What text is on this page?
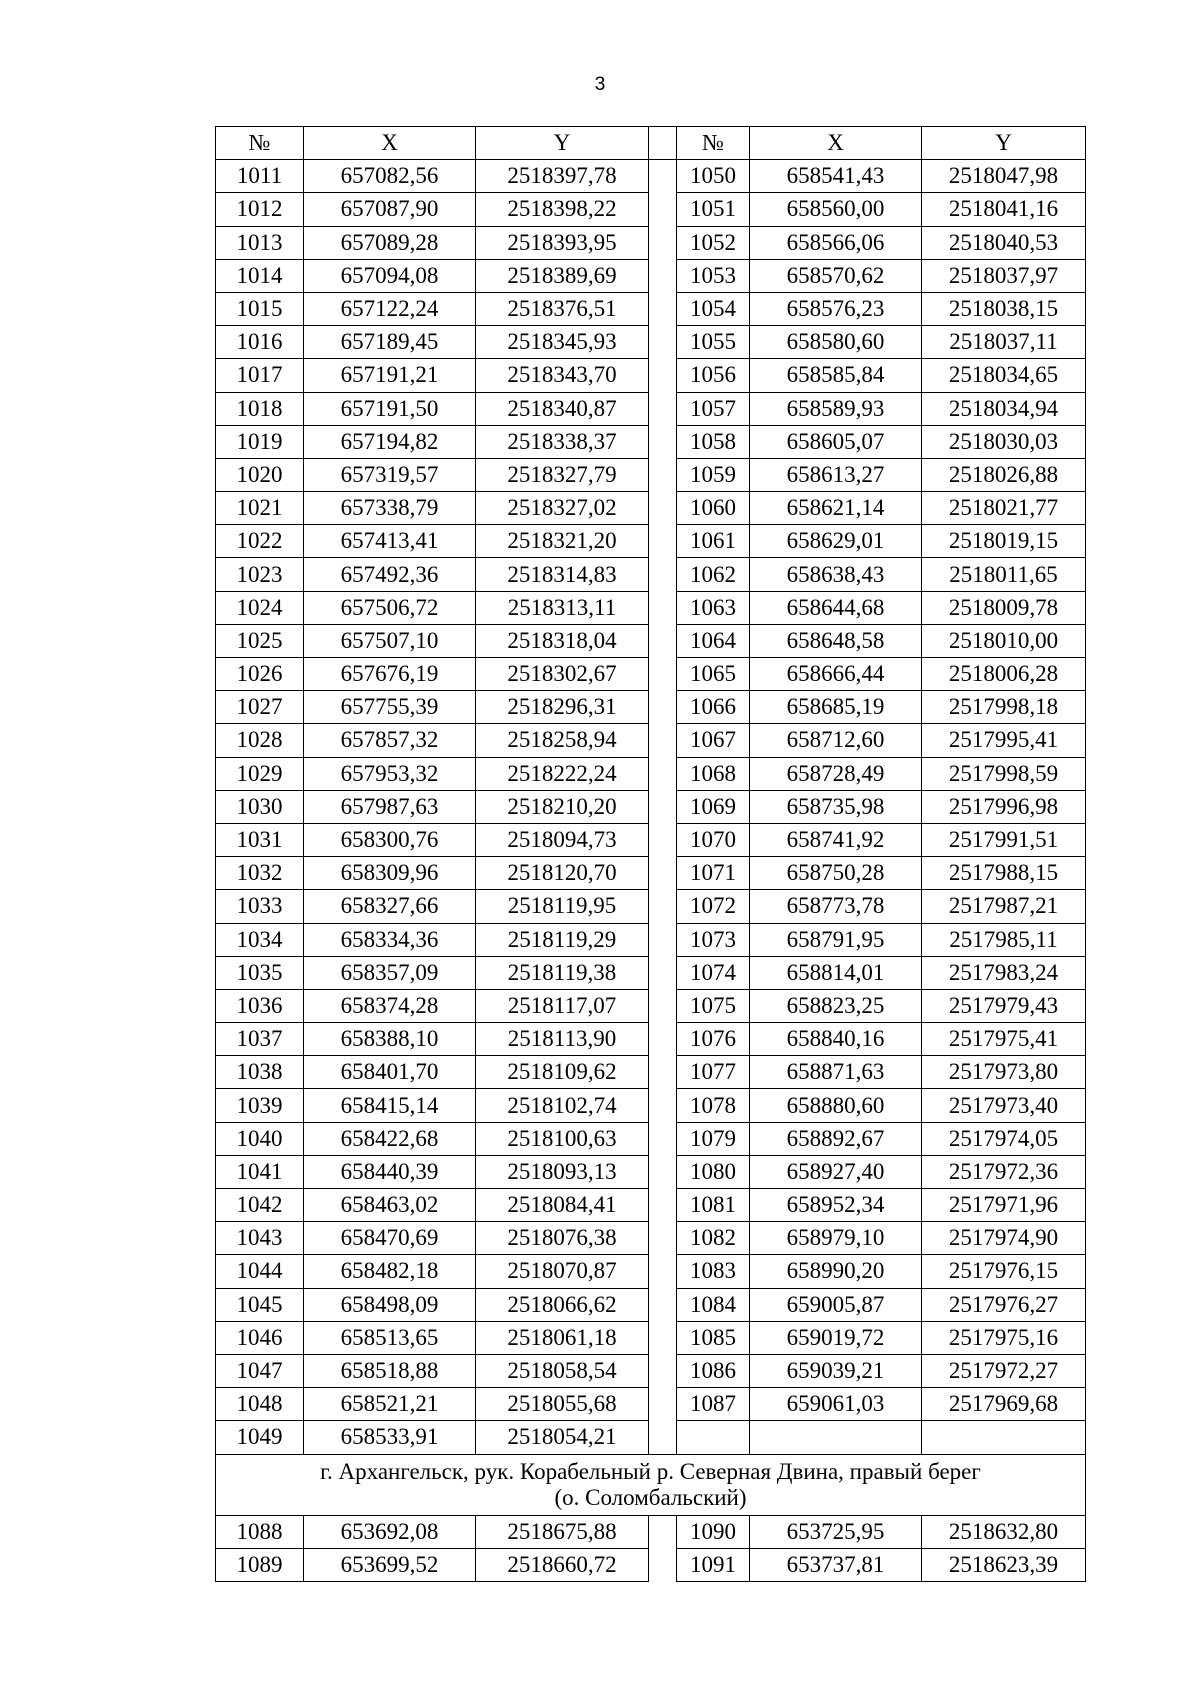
3
№	X	Y		№	X	Y
1011	657082,56	2518397,78		1050	658541,43	2518047,98
1012	657087,90	2518398,22		1051	658560,00	2518041,16
1013	657089,28	2518393,95		1052	658566,06	2518040,53
1014	657094,08	2518389,69		1053	658570,62	2518037,97
1015	657122,24	2518376,51		1054	658576,23	2518038,15
1016	657189,45	2518345,93		1055	658580,60	2518037,11
1017	657191,21	2518343,70		1056	658585,84	2518034,65
1018	657191,50	2518340,87		1057	658589,93	2518034,94
1019	657194,82	2518338,37		1058	658605,07	2518030,03
1020	657319,57	2518327,79		1059	658613,27	2518026,88
1021	657338,79	2518327,02		1060	658621,14	2518021,77
1022	657413,41	2518321,20		1061	658629,01	2518019,15
1023	657492,36	2518314,83		1062	658638,43	2518011,65
1024	657506,72	2518313,11		1063	658644,68	2518009,78
1025	657507,10	2518318,04		1064	658648,58	2518010,00
1026	657676,19	2518302,67		1065	658666,44	2518006,28
1027	657755,39	2518296,31		1066	658685,19	2517998,18
1028	657857,32	2518258,94		1067	658712,60	2517995,41
1029	657953,32	2518222,24		1068	658728,49	2517998,59
1030	657987,63	2518210,20		1069	658735,98	2517996,98
1031	658300,76	2518094,73		1070	658741,92	2517991,51
1032	658309,96	2518120,70		1071	658750,28	2517988,15
1033	658327,66	2518119,95		1072	658773,78	2517987,21
1034	658334,36	2518119,29		1073	658791,95	2517985,11
1035	658357,09	2518119,38		1074	658814,01	2517983,24
1036	658374,28	2518117,07		1075	658823,25	2517979,43
1037	658388,10	2518113,90		1076	658840,16	2517975,41
1038	658401,70	2518109,62		1077	658871,63	2517973,80
1039	658415,14	2518102,74		1078	658880,60	2517973,40
1040	658422,68	2518100,63		1079	658892,67	2517974,05
1041	658440,39	2518093,13		1080	658927,40	2517972,36
1042	658463,02	2518084,41		1081	658952,34	2517971,96
1043	658470,69	2518076,38		1082	658979,10	2517974,90
1044	658482,18	2518070,87		1083	658990,20	2517976,15
1045	658498,09	2518066,62		1084	659005,87	2517976,27
1046	658513,65	2518061,18		1085	659019,72	2517975,16
1047	658518,88	2518058,54		1086	659039,21	2517972,27
1048	658521,21	2518055,68		1087	659061,03	2517969,68
1049	658533,91	2518054,21				

г. Архангельск, рук. Корабельный р. Северная Двина, правый берег
(о. Соломбальский)						

1088	653692,08	2518675,88		1090	653725,95	2518632,80
1089	653699,52	2518660,72		1091	653737,81	2518623,39
